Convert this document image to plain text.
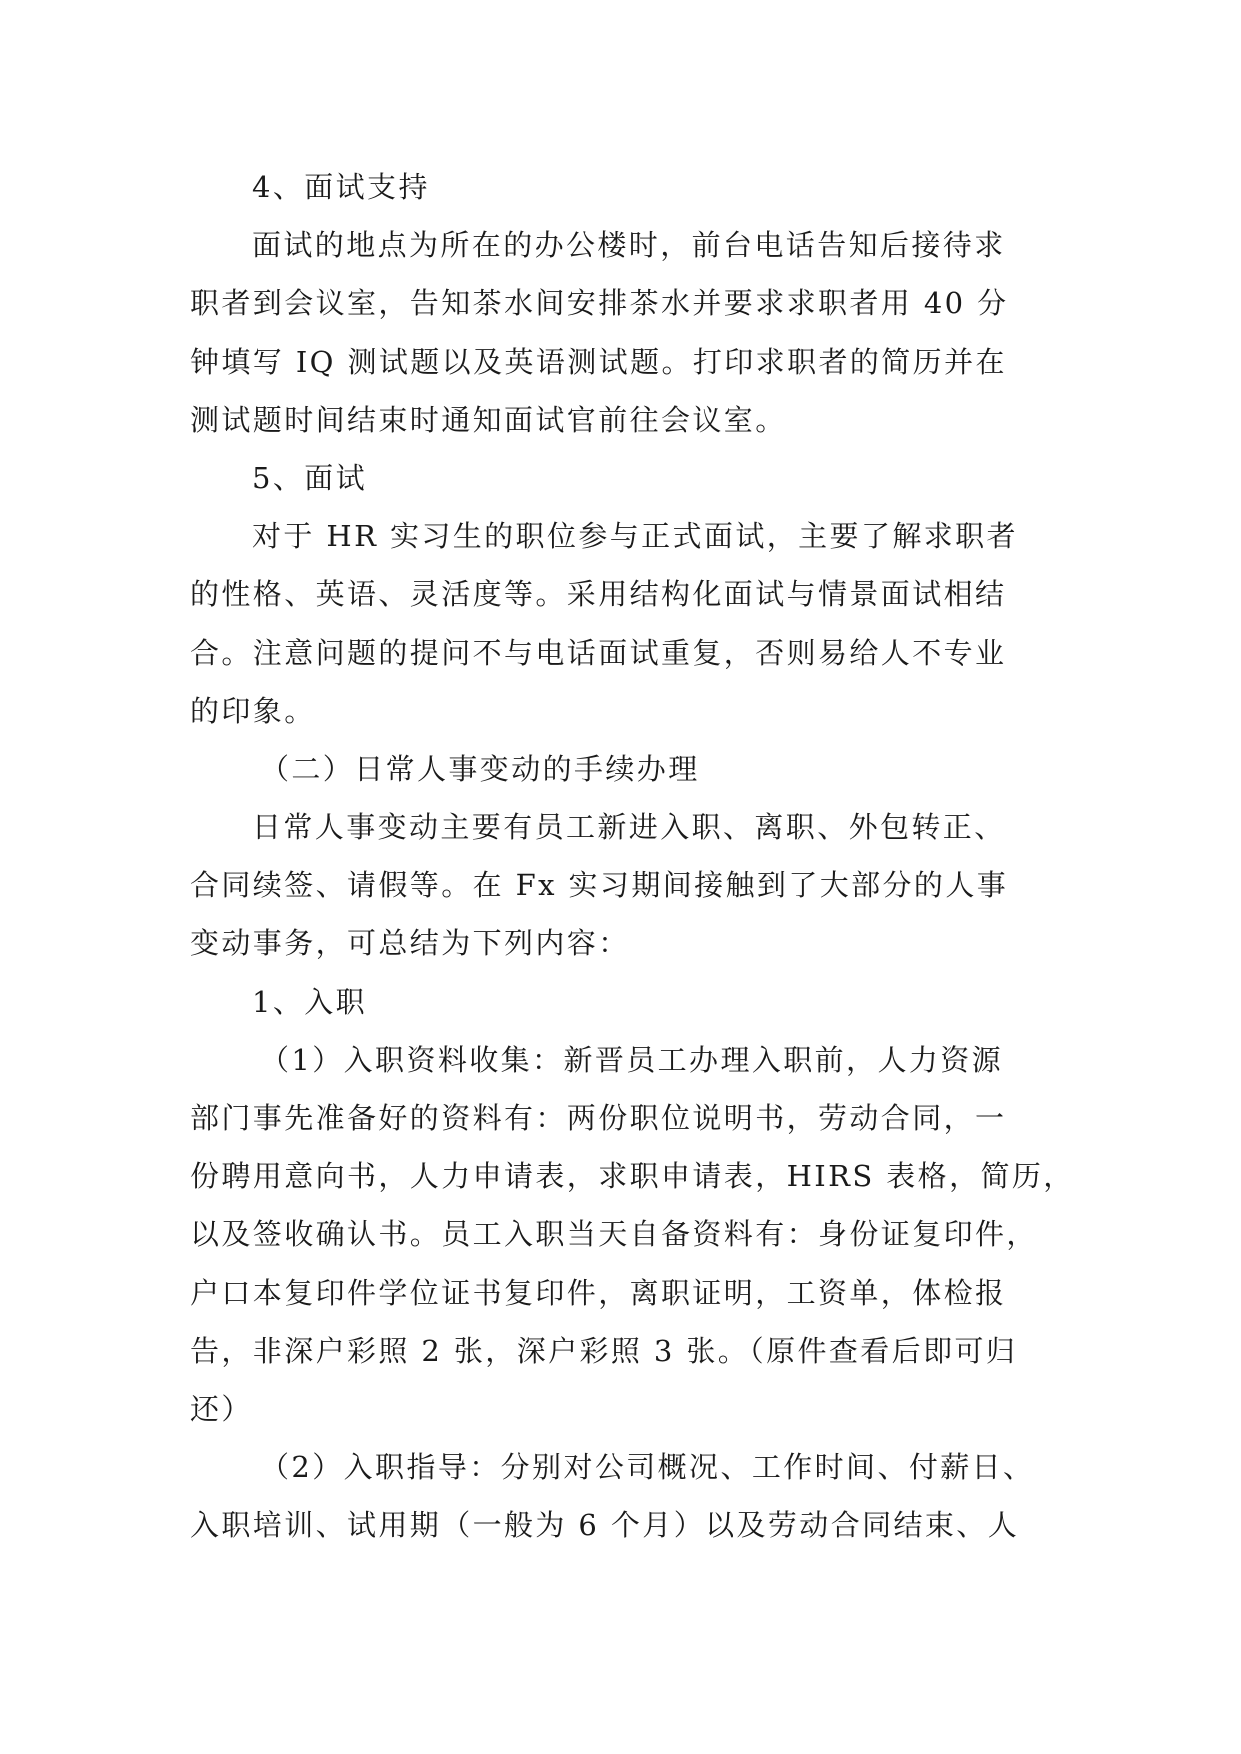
4、面试支持

面试的地点为所在的办公楼时，前台电话告知后接待求

职者到会议室，告知茶水间安排茶水并要求求职者用 40 分

钟填写 IQ 测试题以及英语测试题。打印求职者的简历并在

测试题时间结束时通知面试官前往会议室。

5、面试

对于 HR 实习生的职位参与正式面试，主要了解求职者

的性格、英语、灵活度等。采用结构化面试与情景面试相结

合。注意问题的提问不与电话面试重复，否则易给人不专业

的印象。

（二）日常人事变动的手续办理

日常人事变动主要有员工新进入职、离职、外包转正、

合同续签、请假等。在 Fx 实习期间接触到了大部分的人事

变动事务，可总结为下列内容：

1、入职

（1）入职资料收集：新晋员工办理入职前，人力资源

部门事先准备好的资料有：两份职位说明书，劳动合同，一

份聘用意向书，人力申请表，求职申请表，HIRS 表格，简历，

以及签收确认书。员工入职当天自备资料有：身份证复印件，

户口本复印件学位证书复印件，离职证明，工资单，体检报

告，非深户彩照 2 张，深户彩照 3 张。（原件查看后即可归

还）

（2）入职指导：分别对公司概况、工作时间、付薪日、

入职培训、试用期（一般为 6 个月）以及劳动合同结束、人
